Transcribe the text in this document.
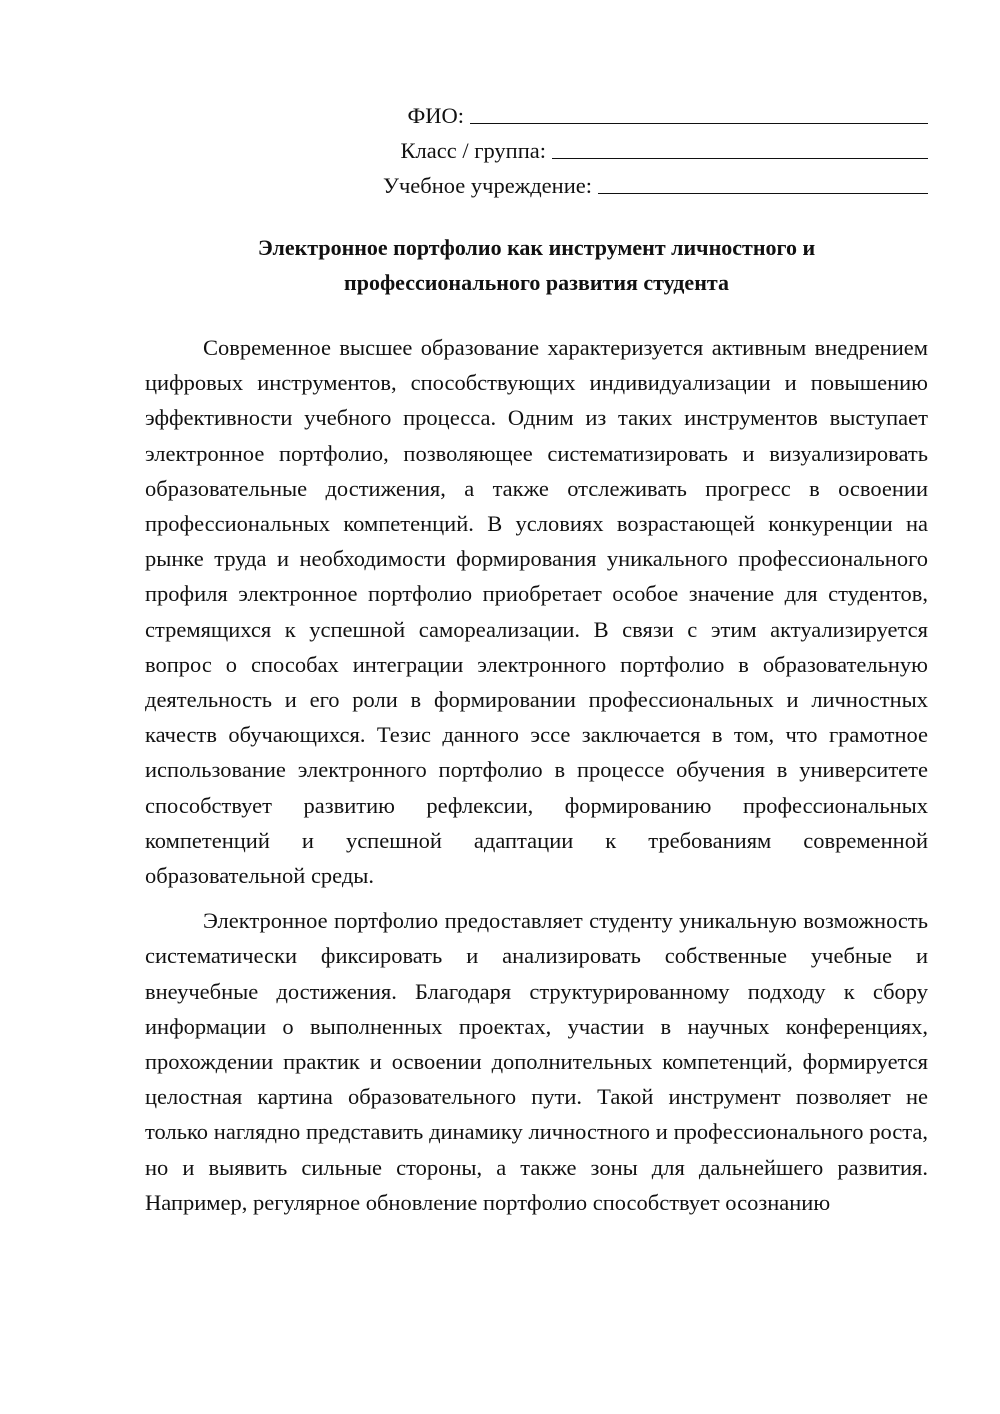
ФИО:
Класс / группа:
Учебное учреждение:
Электронное портфолио как инструмент личностного и
профессионального развития студента

Современное высшее образование характеризуется активным внедрением цифровых инструментов, способствующих индивидуализации и повышению эффективности учебного процесса. Одним из таких инструментов выступает электронное портфолио, позволяющее систематизировать и визуализировать образовательные достижения, а также отслеживать прогресс в освоении профессиональных компетенций. В условиях возрастающей конкуренции на рынке труда и необходимости формирования уникального профессионального профиля электронное портфолио приобретает особое значение для студентов, стремящихся к успешной самореализации. В связи с этим актуализируется вопрос о способах интеграции электронного портфолио в образовательную деятельность и его роли в формировании профессиональных и личностных качеств обучающихся. Тезис данного эссе заключается в том, что грамотное использование электронного портфолио в процессе обучения в университете способствует развитию рефлексии, формированию профессиональных компетенций и успешной адаптации к требованиям современной образовательной среды.

Электронное портфолио предоставляет студенту уникальную возможность систематически фиксировать и анализировать собственные учебные и внеучебные достижения. Благодаря структурированному подходу к сбору информации о выполненных проектах, участии в научных конференциях, прохождении практик и освоении дополнительных компетенций, формируется целостная картина образовательного пути. Такой инструмент позволяет не только наглядно представить динамику личностного и профессионального роста, но и выявить сильные стороны, а также зоны для дальнейшего развития. Например, регулярное обновление портфолио способствует осознанию
